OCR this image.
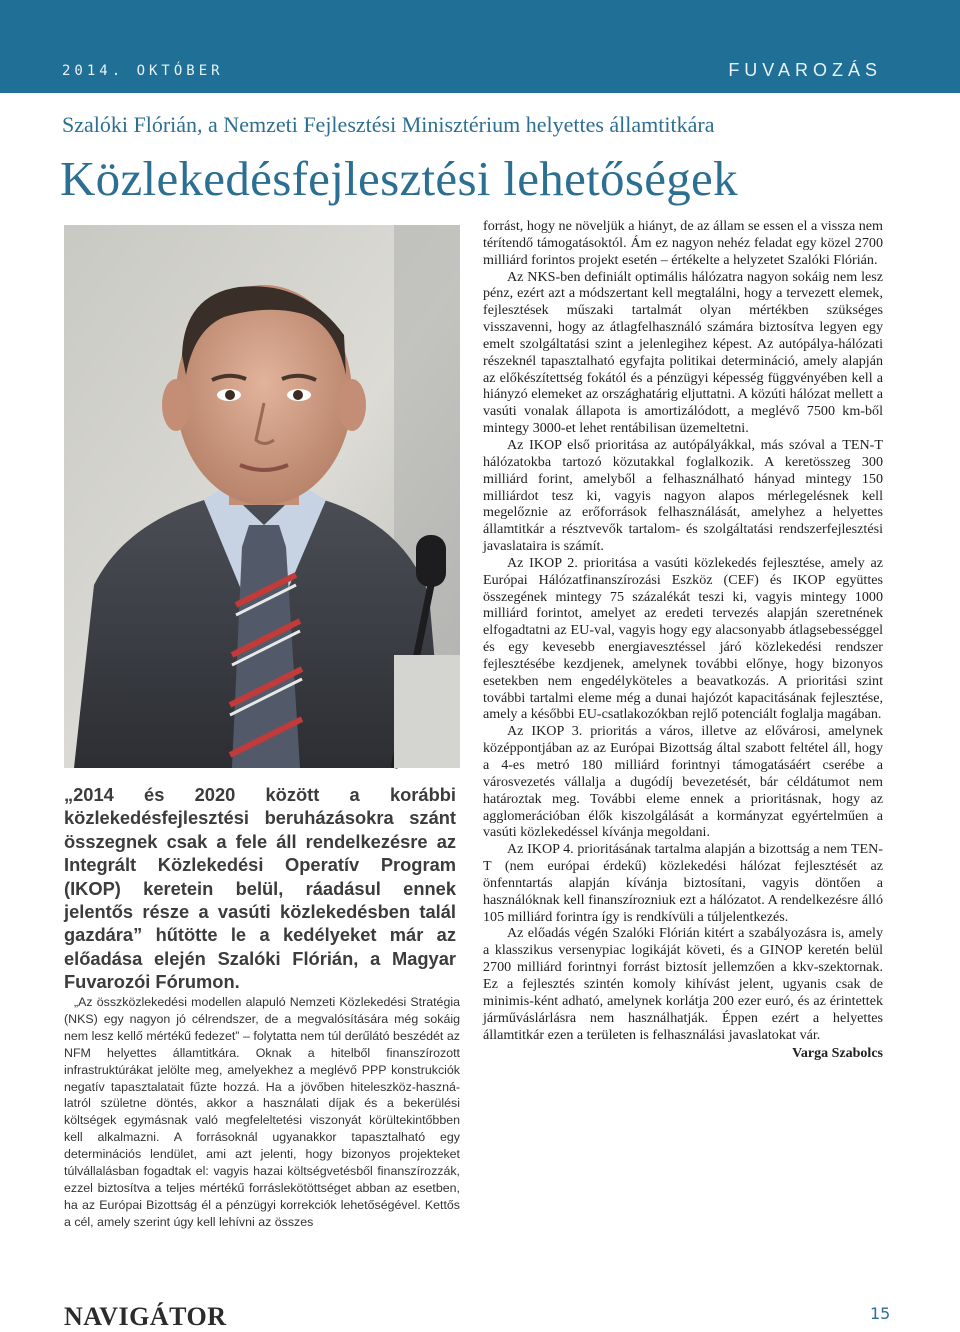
2014. OKTÓBER	FUVAROZÁS
Szalóki Flórián, a Nemzeti Fejlesztési Minisztérium helyettes államtitkára
Közlekedésfejlesztési lehetőségek
„2014 és 2020 között a korábbi közlekedésfejlesztési beruházásokra szánt összegnek csak a fele áll rendelkezésre az Integrált Közlekedési Operatív Program (IKOP) keretein belül, ráadásul ennek jelentős része a vasúti közlekedésben talál gazdára” hűtötte le a kedélyeket már az előadása elején Szalóki Flórián, a Magyar Fuvarozói Fórumon.

„Az összközlekedési modellen alapuló Nemzeti Közlekedési Stratégia (NKS) egy nagyon jó célrendszer, de a megvalósítására még sokáig nem lesz kellő mértékű fedezet” – folytatta nem túl derűlátó beszédét az NFM helyettes államtitkára. Oknak a hitelből finanszírozott infrastruktúrákat jelölte meg, amelyekhez a meglévő PPP konstrukciók negatív tapasztalatait fűzte hozzá. Ha a jövőben hiteleszköz-használatról születne döntés, akkor a használati díjak és a bekerülési költségek egymásnak való megfeleltetési viszonyát körültekintőbben kell alkalmazni. A forrásoknál ugyanakkor tapasztalható egy determinációs lendület, ami azt jelenti, hogy bizonyos projekteket túlvállalásban fogadtak el: vagyis hazai költségvetésből finanszírozzák, ezzel biztosítva a teljes mértékű forráslekötöttséget abban az esetben, ha az Európai Bizottság él a pénzügyi korrekciók lehetőségével. Kettős a cél, amely szerint úgy kell lehívni az összes

forrást, hogy ne növeljük a hiányt, de az állam se essen el a vissza nem térítendő támogatásoktól. Ám ez nagyon nehéz feladat egy közel 2700 milliárd forintos projekt esetén – értékelte a helyzetet Szalóki Flórián.

Az NKS-ben definiált optimális hálózatra nagyon sokáig nem lesz pénz, ezért azt a módszertant kell megtalálni, hogy a tervezett elemek, fejlesztések műszaki tartalmát olyan mértékben szükséges visszavenni, hogy az átlagfelhasználó számára biztosítva legyen egy emelt szolgáltatási szint a jelenlegihez képest. Az autópálya-hálózati részeknél tapasztalható egyfajta politikai determináció, amely alapján az előkészítettség fokától és a pénzügyi képesség függvényében kell a hiányzó elemeket az országhatárig eljuttatni. A közúti hálózat mellett a vasúti vonalak állapota is amortizálódott, a meglévő 7500 km-ből mintegy 3000-et lehet rentábilisan üzemeltetni.

Az IKOP első prioritása az autópályákkal, más szóval a TEN-T hálózatokba tartozó közutakkal foglalkozik. A keretösszeg 300 milliárd forint, amelyből a felhasználható hányad mintegy 150 milliárdot tesz ki, vagyis nagyon alapos mérlegelésnek kell megelőznie az erőforrások felhasználását, amelyhez a helyettes államtitkár a résztvevők tartalom- és szolgáltatási rendszerfejlesztési javaslataira is számít.

Az IKOP 2. prioritása a vasúti közlekedés fejlesztése, amely az Európai Hálózatfinanszírozási Eszköz (CEF) és IKOP együttes összegének mintegy 75 százalékát teszi ki, vagyis mintegy 1000 milliárd forintot, amelyet az eredeti tervezés alapján szeretnének elfogadtatni az EU-val, vagyis hogy egy alacsonyabb átlagsebességgel és egy kevesebb energiavesztéssel járó közlekedési rendszer fejlesztésébe kezdjenek, amelynek további előnye, hogy bizonyos esetekben nem engedélyköteles a beavatkozás. A prioritási szint további tartalmi eleme még a dunai hajózót kapacitásának fejlesztése, amely a későbbi EU-csatlakozókban rejlő potenciált foglalja magában.

Az IKOP 3. prioritás a város, illetve az elővárosi, amelynek középpontjában az az Európai Bizottság által szabott feltétel áll, hogy a 4-es metró 180 milliárd forintnyi támogatásáért cserébe a városvezetés vállalja a dugódíj bevezetését, bár céldátumot nem határoztak meg. További eleme ennek a prioritásnak, hogy az agglomerációban élők kiszolgálását a kormányzat egyértelműen a vasúti közlekedéssel kívánja megoldani.

Az IKOP 4. prioritásának tartalma alapján a bizottság a nem TEN-T (nem európai érdekű) közlekedési hálózat fejlesztését az önfenntartás alapján kívánja biztosítani, vagyis döntően a használóknak kell finanszírozniuk ezt a hálózatot. A rendelkezésre álló 105 milliárd forintra így is rendkívüli a túljelentkezés.

Az előadás végén Szalóki Flórián kitért a szabályozásra is, amely a klasszikus versenypiac logikáját követi, és a GINOP keretén belül 2700 milliárd forintnyi forrást biztosít jellemzően a kkv-szektornak. Ez a fejlesztés szintén komoly kihívást jelent, ugyanis csak de minimis-ként adható, amelynek korlátja 200 ezer euró, és az érintettek járműváslárlásra nem használhatják. Éppen ezért a helyettes államtitkár ezen a területen is felhasználási javaslatokat vár.

Varga Szabolcs
NAVIGÁTOR	15
